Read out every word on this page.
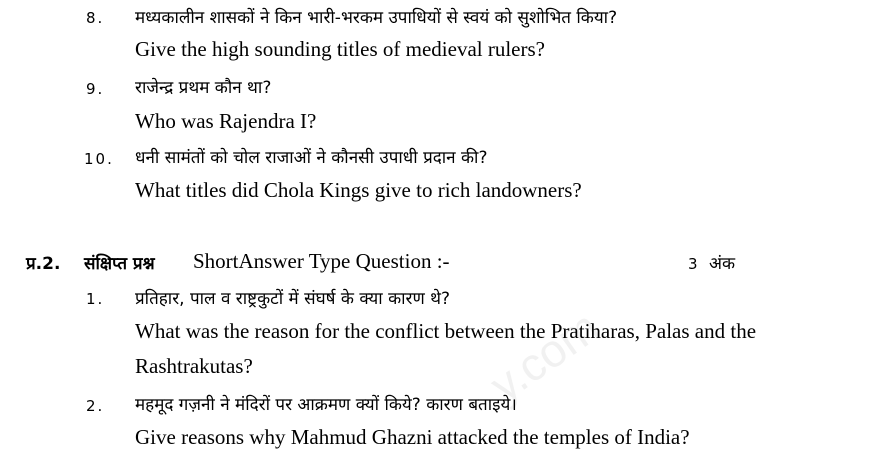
y.com
8. मध्यकालीन शासकों ने किन भारी-भरकम उपाधियों से स्वयं को सुशोभित किया?
Give the high sounding titles of medieval rulers?
9. राजेन्द्र प्रथम कौन था?
Who was Rajendra I?
10. धनी सामंतों को चोल राजाओं ने कौनसी उपाधी प्रदान की?
What titles did Chola Kings give to rich landowners?
प्र.2. संक्षिप्त प्रश्न ShortAnswer Type Question :-	3 अंक
1. प्रतिहार, पाल व राष्ट्रकुटों में संघर्ष के क्या कारण थे?
What was the reason for the conflict between the Pratiharas, Palas and the
Rashtrakutas?
2. महमूद गज़नी ने मंदिरों पर आक्रमण क्यों किये? कारण बताइये।
Give reasons why Mahmud Ghazni attacked the temples of India?
